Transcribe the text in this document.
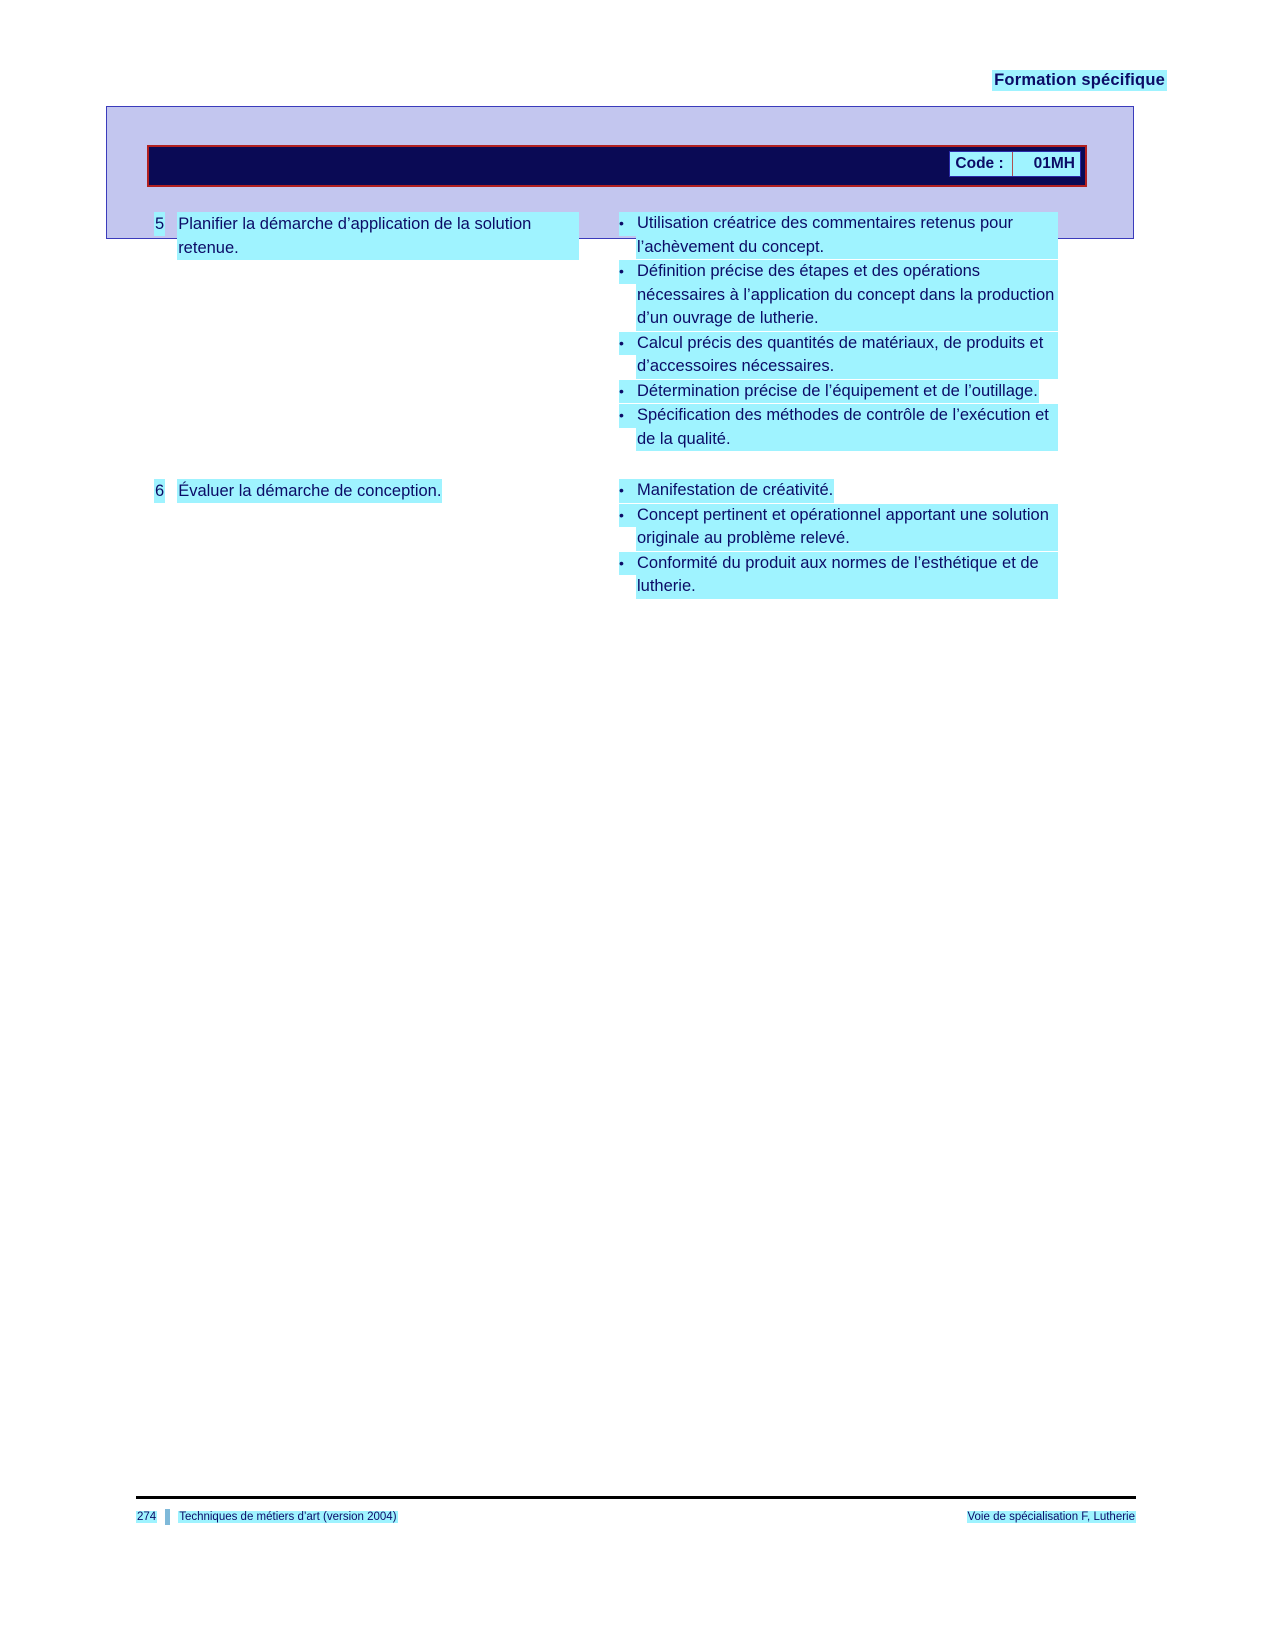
Formation spécifique
Code : 01MH
5 Planifier la démarche d’application de la solution retenue.
• Utilisation créatrice des commentaires retenus pour l’achèvement du concept.
• Définition précise des étapes et des opérations nécessaires à l’application du concept dans la production d’un ouvrage de lutherie.
• Calcul précis des quantités de matériaux, de produits et d’accessoires nécessaires.
• Détermination précise de l’équipement et de l’outillage.
• Spécification des méthodes de contrôle de l’exécution et de la qualité.
6 Évaluer la démarche de conception.	• Manifestation de créativité.
• Concept pertinent et opérationnel apportant une solution originale au problème relevé.
• Conformité du produit aux normes de l’esthétique et de lutherie.
274 Techniques de métiers d’art (version 2004)	Voie de spécialisation F, Lutherie
